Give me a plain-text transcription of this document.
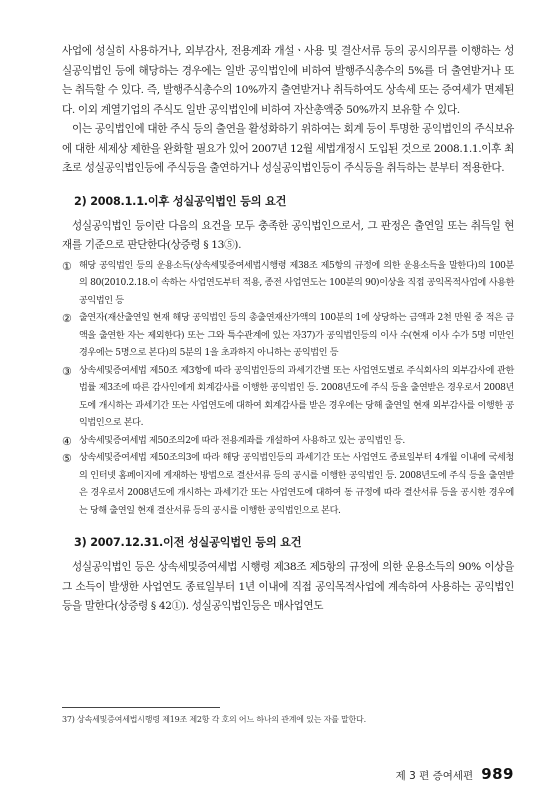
사업에 성실히 사용하거나, 외부감사, 전용계좌 개설ㆍ사용 및 결산서류 등의 공시의무를 이행하는 성실공익법인 등에 해당하는 경우에는 일반 공익법인에 비하여 발행주식총수의 5%를 더 출연받거나 또는 취득할 수 있다. 즉, 발행주식총수의 10%까지 출연받거나 취득하여도 상속세 또는 증여세가 면제된다. 이외 계열기업의 주식도 일반 공익법인에 비하여 자산총액중 50%까지 보유할 수 있다.

이는 공익법인에 대한 주식 등의 출연을 활성화하기 위하여는 회계 등이 투명한 공익법인의 주식보유에 대한 세제상 제한을 완화할 필요가 있어 2007년 12월 세법개정시 도입된 것으로 2008.1.1.이후 최초로 성실공익법인등에 주식등을 출연하거나 성실공익법인등이 주식등을 취득하는 분부터 적용한다.

2) 2008.1.1.이후 성실공익법인 등의 요건

성실공익법인 등이란 다음의 요건을 모두 충족한 공익법인으로서, 그 판정은 출연일 또는 취득일 현재를 기준으로 판단한다(상증령 § 13⑤).

① 해당 공익법인 등의 운용소득(상속세및증여세법시행령 제38조 제5항의 규정에 의한 운용소득을 말한다)의 100분의 80(2010.2.18.이 속하는 사업연도부터 적용, 종전 사업연도는 100분의 90)이상을 직접 공익목적사업에 사용한 공익법인 등
② 출연자(재산출연일 현재 해당 공익법인 등의 총출연재산가액의 100분의 1에 상당하는 금액과 2천 만원 중 적은 금액을 출연한 자는 제외한다) 또는 그와 특수관계에 있는 자37)가 공익법인등의 이사 수(현재 이사 수가 5명 미만인 경우에는 5명으로 본다)의 5분의 1을 초과하지 아니하는 공익법인 등
③ 상속세및증여세법 제50조 제3항에 따라 공익법인등의 과세기간별 또는 사업연도별로 주식회사의 외부감사에 관한 법률 제3조에 따른 감사인에게 회계감사를 이행한 공익법인 등. 2008년도에 주식 등을 출연받은 경우로서 2008년도에 개시하는 과세기간 또는 사업연도에 대하여 회계감사를 받은 경우에는 당해 출연일 현재 외부감사를 이행한 공익법인으로 본다.
④ 상속세및증여세법 제50조의2에 따라 전용계좌를 개설하여 사용하고 있는 공익법인 등.
⑤ 상속세및증여세법 제50조의3에 따라 해당 공익법인등의 과세기간 또는 사업연도 종료일부터 4개월 이내에 국세청의 인터넷 홈페이지에 게재하는 방법으로 결산서류 등의 공시를 이행한 공익법인 등. 2008년도에 주식 등을 출연받은 경우로서 2008년도에 개시하는 과세기간 또는 사업연도에 대하여 동 규정에 따라 결산서류 등을 공시한 경우에는 당해 출연일 현재 결산서류 등의 공시를 이행한 공익법인으로 본다.
3) 2007.12.31.이전 성실공익법인 등의 요건

성실공익법인 등은 상속세및증여세법 시행령 제38조 제5항의 규정에 의한 운용소득의 90% 이상을 그 소득이 발생한 사업연도 종료일부터 1년 이내에 직접 공익목적사업에 계속하여 사용하는 공익법인 등을 말한다(상증령 § 42①). 성실공익법인등은 매사업연도

37) 상속세및증여세법시행령 제19조 제2항 각 호의 어느 하나의 관계에 있는 자를 말한다.
제 3 편 증여세편 989
